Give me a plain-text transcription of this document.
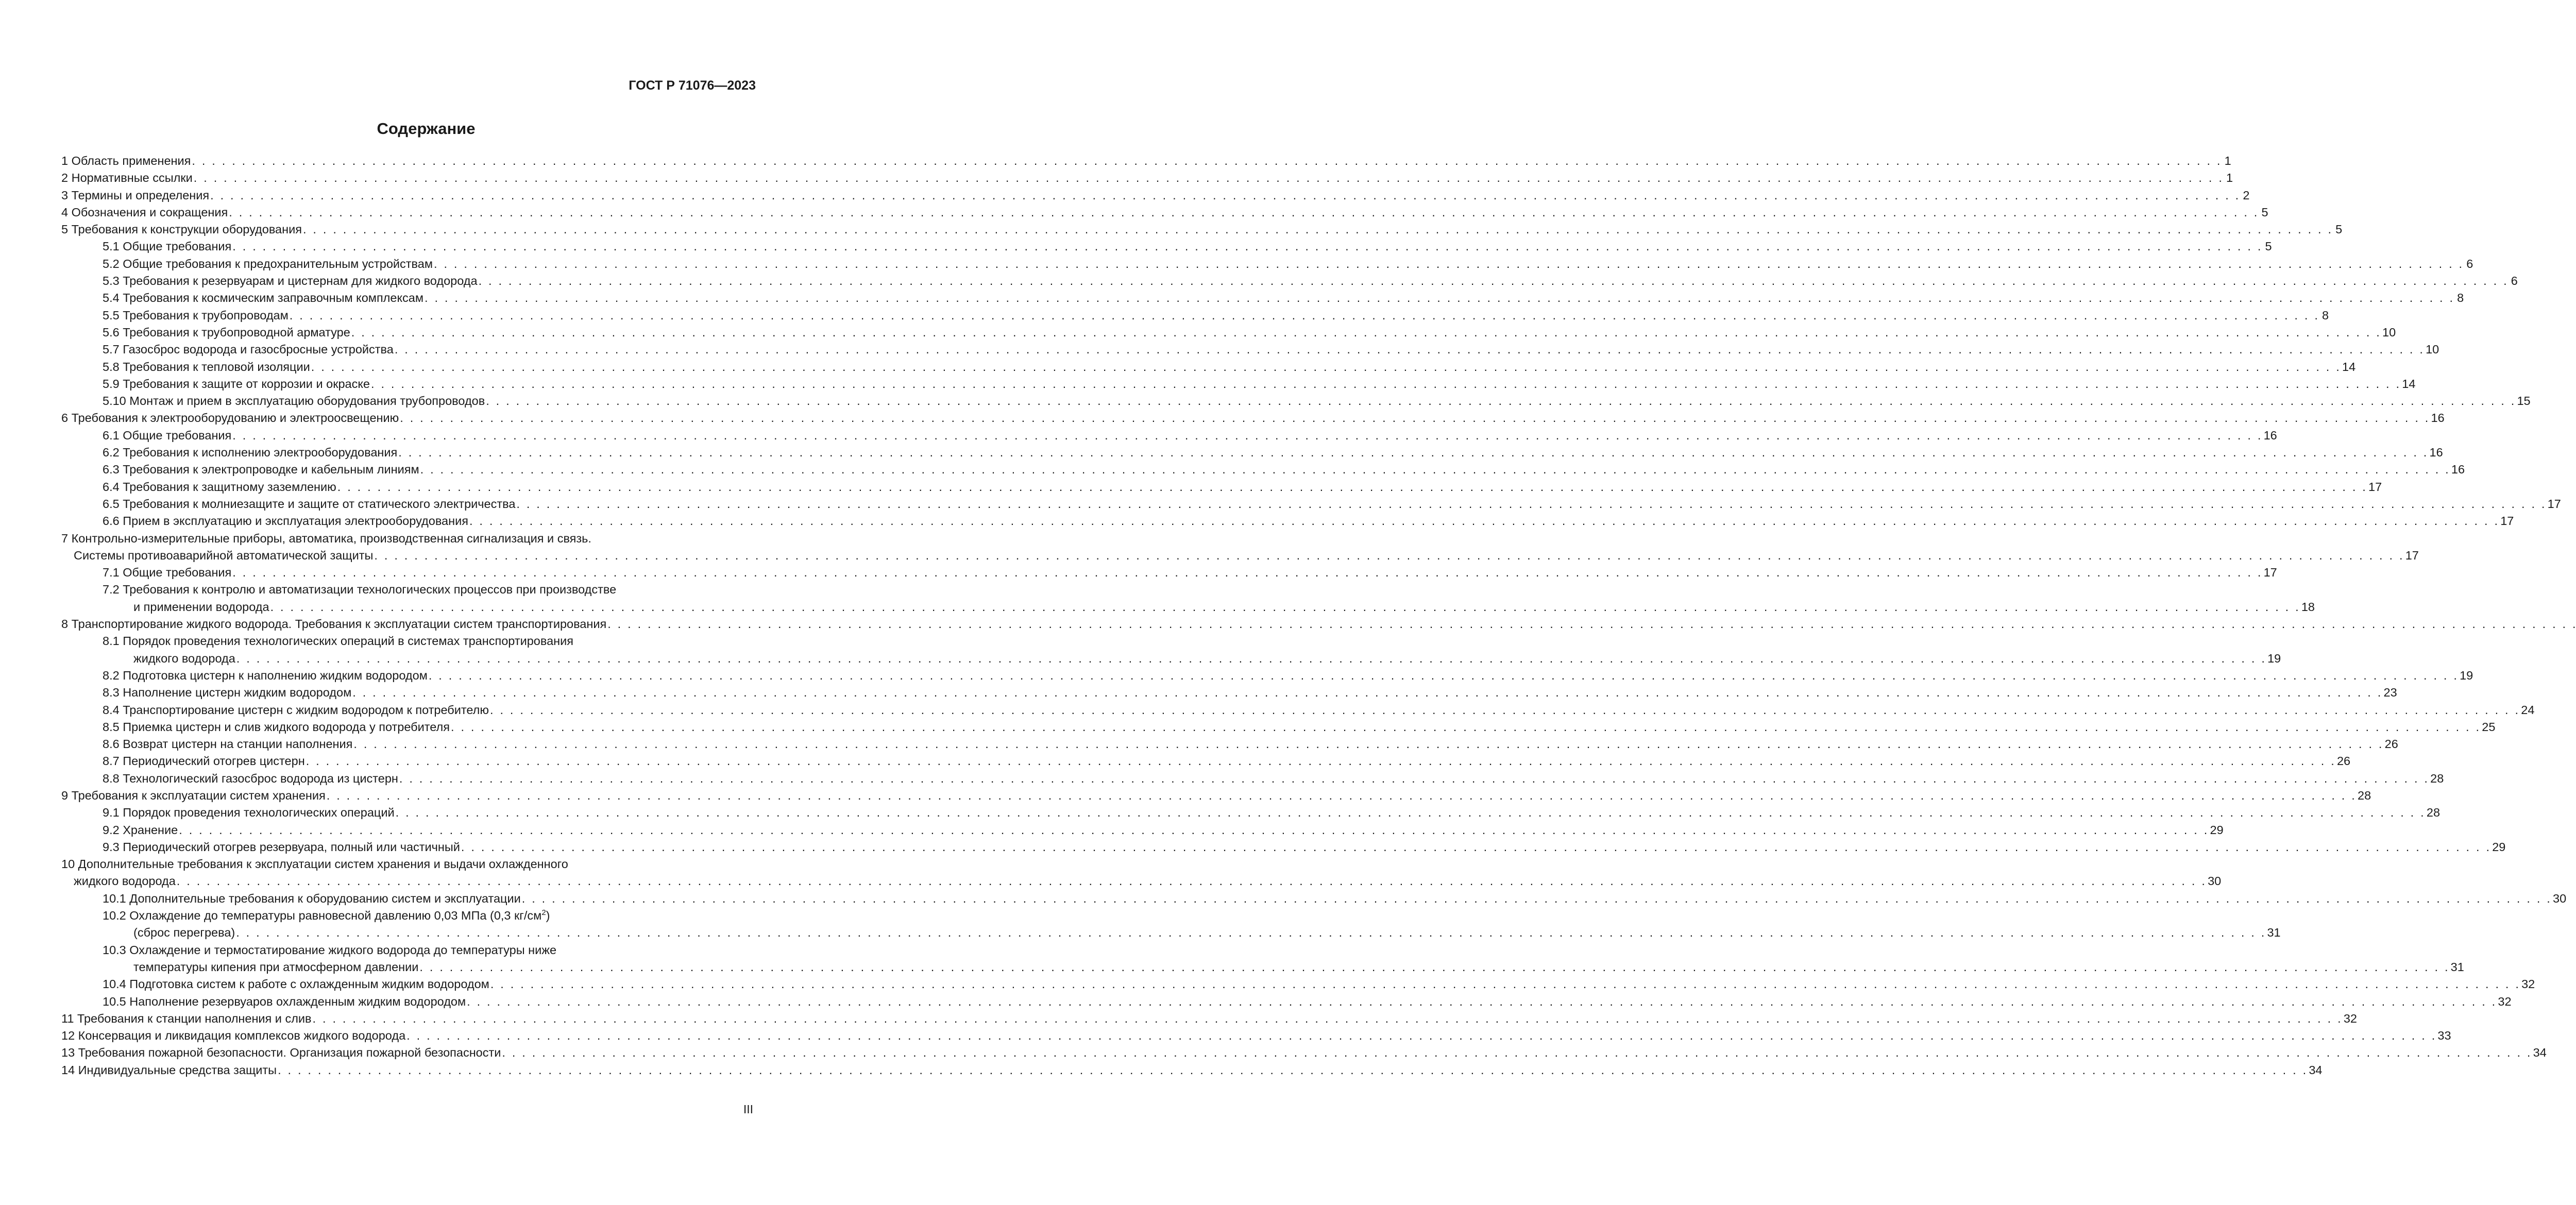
ГОСТ Р 71076—2023
Содержание
1 Область применения . . .	1
2 Нормативные ссылки . . .	1
3 Термины и определения . . .	2
4 Обозначения и сокращения . . .	5
5 Требования к конструкции оборудования . . .	5
5.1 Общие требования . . .	5
5.2 Общие требования к предохранительным устройствам . . .	6
5.3 Требования к резервуарам и цистернам для жидкого водорода . . .	6
5.4 Требования к космическим заправочным комплексам . . .	8
5.5 Требования к трубопроводам . . .	8
5.6 Требования к трубопроводной арматуре . . .	10
5.7 Газосброс водорода и газосбросные устройства . . .	10
5.8 Требования к тепловой изоляции . . .	14
5.9 Требования к защите от коррозии и окраске . . .	14
5.10 Монтаж и прием в эксплуатацию оборудования трубопроводов . . .	15
6 Требования к электрооборудованию и электроосвещению . . .	16
6.1 Общие требования . . .	16
6.2 Требования к исполнению электрооборудования . . .	16
6.3 Требования к электропроводке и кабельным линиям . . .	16
6.4 Требования к защитному заземлению . . .	17
6.5 Требования к молниезащите и защите от статического электричества . . .	17
6.6 Прием в эксплуатацию и эксплуатация электрооборудования . . .	17
7 Контрольно-измерительные приборы, автоматика, производственная сигнализация и связь.
Системы противоаварийной автоматической защиты . . .	17
7.1 Общие требования . . .	17
7.2 Требования к контролю и автоматизации технологических процессов при производстве
и применении водорода . . .	18
8 Транспортирование жидкого водорода. Требования к эксплуатации систем транспортирования
. . .
8.1 Порядок проведения технологических операций в системах транспортирования
жидкого водорода . . .	19
8.2 Подготовка цистерн к наполнению жидким водородом . . .	19
8.3 Наполнение цистерн жидким водородом . . .	23
8.4 Транспортирование цистерн с жидким водородом к потребителю . . .	24
8.5 Приемка цистерн и слив жидкого водорода у потребителя . . .	25
8.6 Возврат цистерн на станции наполнения . . .	26
8.7 Периодический отогрев цистерн . . .	26
8.8 Технологический газосброс водорода из цистерн . . .	28
9 Требования к эксплуатации систем хранения . . .	28
9.1 Порядок проведения технологических операций . . .	28
9.2 Хранение . . .	29
9.3 Периодический отогрев резервуара, полный или частичный . . .	29
10 Дополнительные требования к эксплуатации систем хранения и выдачи охлажденного
жидкого водорода . . .	30
10.1 Дополнительные требования к оборудованию систем и эксплуатации . . .	30
10.2 Охлаждение до температуры равновесной давлению 0,03 МПа (0,3 $кг/см^2$)
(сброс перегрева) . . .	31
10.3 Охлаждение и термостатирование жидкого водорода до температуры ниже
температуры кипения при атмосферном давлении . . .	31
10.4 Подготовка систем к работе с охлажденным жидким водородом . . .	32
10.5 Наполнение резервуаров охлажденным жидким водородом . . .	32
11 Требования к станции наполнения и слив . . .	32
12 Консервация и ликвидация комплексов жидкого водорода . . .	33
13 Требования пожарной безопасности. Организация пожарной безопасности . . .	34
14 Индивидуальные средства защиты . . .	34
III
